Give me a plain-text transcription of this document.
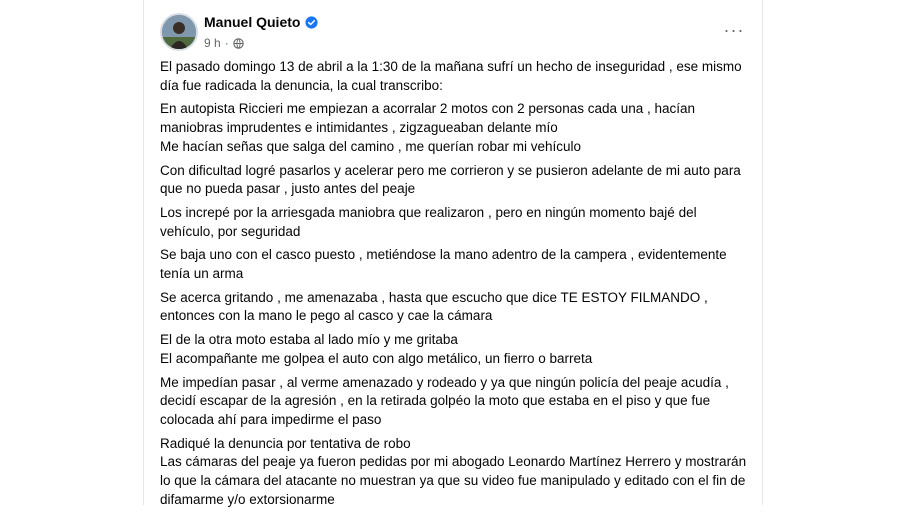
Manuel Quieto
9 h ·
···

El pasado domingo 13 de abril a la 1:30 de la mañana sufrí un hecho de inseguridad , ese mismo día fue radicada la denuncia, la cual transcribo:

En autopista Riccieri me empiezan a acorralar 2 motos con 2 personas cada una , hacían maniobras imprudentes e intimidantes , zigzagueaban delante mío
Me hacían señas que salga del camino , me querían robar mi vehículo

Con dificultad logré pasarlos y acelerar pero me corrieron y se pusieron adelante de mi auto para que no pueda pasar , justo antes del peaje

Los increpé por la arriesgada maniobra que realizaron , pero en ningún momento bajé del vehículo, por seguridad

Se baja uno con el casco puesto , metiéndose la mano adentro de la campera , evidentemente tenía un arma

Se acerca gritando , me amenazaba , hasta que escucho que dice TE ESTOY FILMANDO , entonces con la mano le pego al casco y cae la cámara

El de la otra moto estaba al lado mío y me gritaba
El acompañante me golpea el auto con algo metálico, un fierro o barreta

Me impedían pasar , al verme amenazado y rodeado y ya que ningún policía del peaje acudía , decidí escapar de la agresión , en la retirada golpéo la moto que estaba en el piso y que fue colocada ahí para impedirme el paso

Radiqué la denuncia por tentativa de robo
Las cámaras del peaje ya fueron pedidas por mi abogado Leonardo Martínez Herrero y mostrarán lo que la cámara del atacante no muestran ya que su video fue manipulado y editado con el fin de difamarme y/o extorsionarme
